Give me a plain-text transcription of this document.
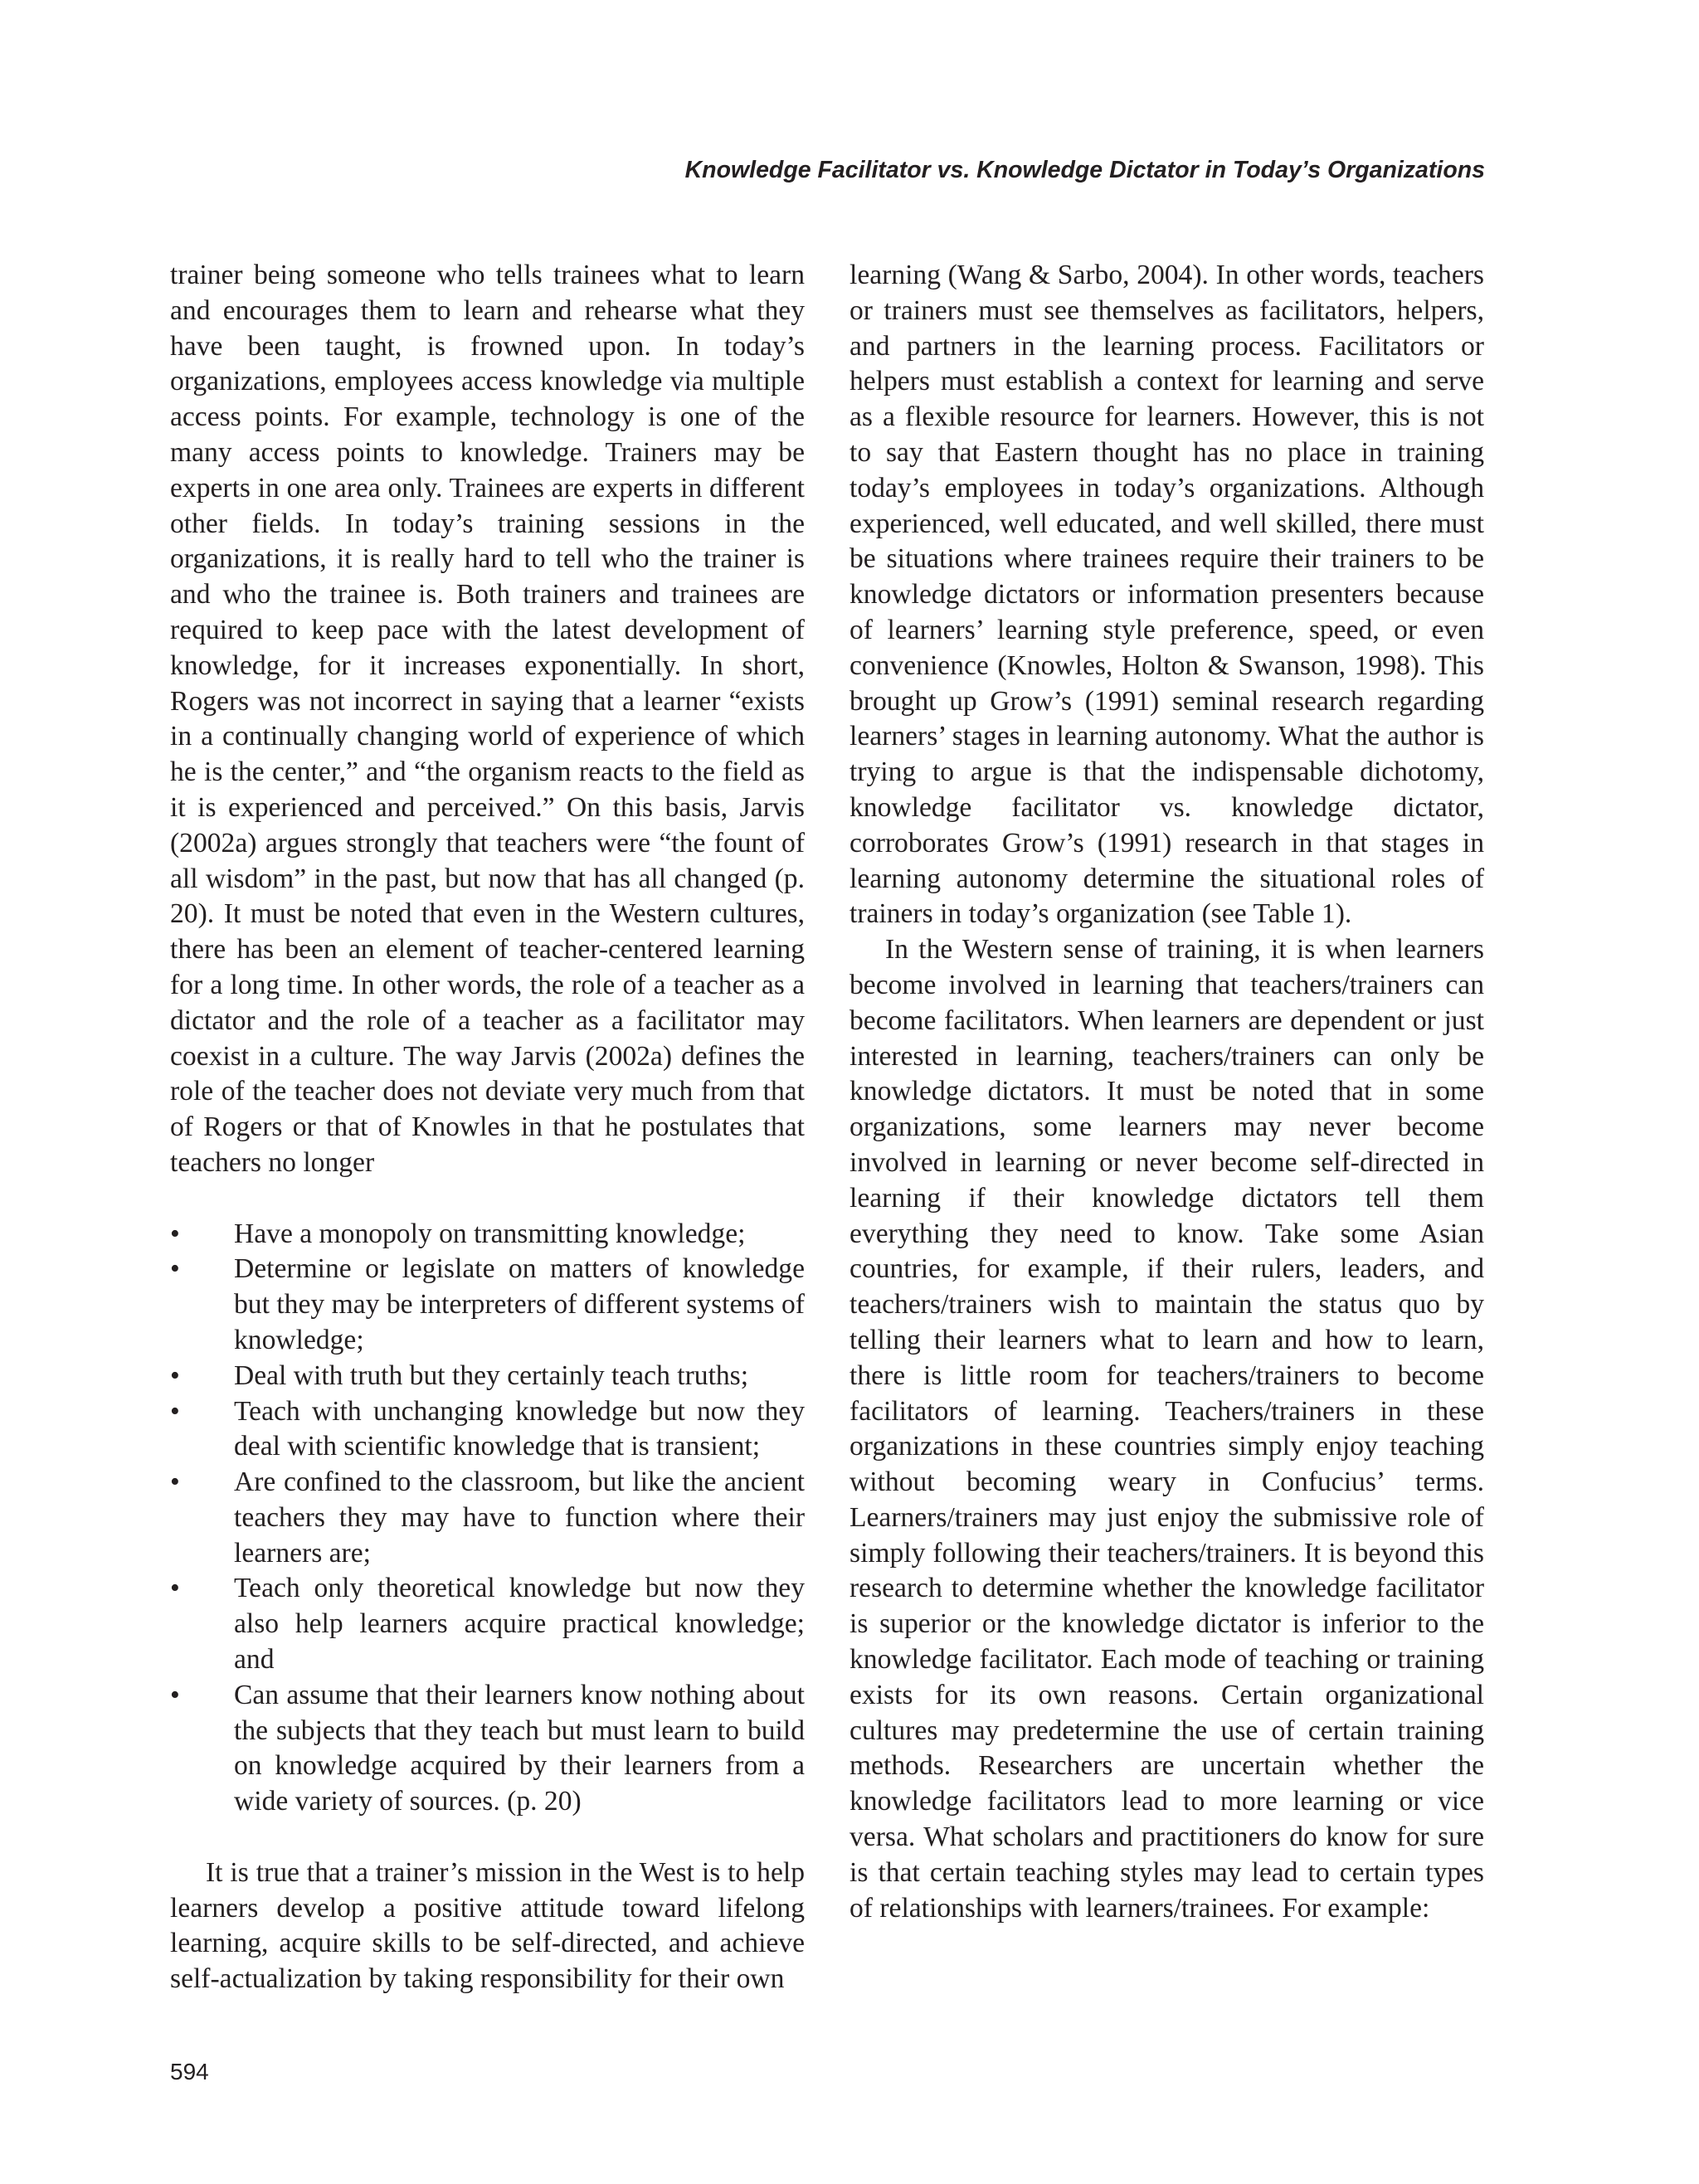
Knowledge Facilitator vs. Knowledge Dictator in Today’s Organizations

trainer being someone who tells trainees what to learn and encourages them to learn and rehearse what they have been taught, is frowned upon. In today’s organizations, employees access knowledge via multiple access points. For example, technology is one of the many access points to knowledge. Trainers may be experts in one area only. Trainees are experts in different other fields. In today’s training sessions in the organizations, it is really hard to tell who the trainer is and who the trainee is. Both trainers and trainees are required to keep pace with the latest development of knowledge, for it increases exponentially. In short, Rogers was not incorrect in saying that a learner “exists in a continually changing world of experience of which he is the center,” and “the organism reacts to the field as it is experienced and perceived.” On this basis, Jarvis (2002a) argues strongly that teachers were “the fount of all wisdom” in the past, but now that has all changed (p. 20). It must be noted that even in the Western cultures, there has been an element of teacher-centered learning for a long time. In other words, the role of a teacher as a dictator and the role of a teacher as a facilitator may coexist in a culture. The way Jarvis (2002a) defines the role of the teacher does not deviate very much from that of Rogers or that of Knowles in that he postulates that teachers no longer

•	Have a monopoly on transmitting knowledge;
•	Determine or legislate on matters of knowledge but they may be interpreters of different systems of knowledge;
•	Deal with truth but they certainly teach truths;
•	Teach with unchanging knowledge but now they deal with scientific knowledge that is transient;
•	Are confined to the classroom, but like the ancient teachers they may have to function where their learners are;
•	Teach only theoretical knowledge but now they also help learners acquire practical knowledge; and
•	Can assume that their learners know nothing about the subjects that they teach but must learn to build on knowledge acquired by their learners from a wide variety of sources. (p. 20)

It is true that a trainer’s mission in the West is to help learners develop a positive attitude toward lifelong learning, acquire skills to be self-directed, and achieve self-actualization by taking responsibility for their own

learning (Wang & Sarbo, 2004). In other words, teachers or trainers must see themselves as facilitators, helpers, and partners in the learning process. Facilitators or helpers must establish a context for learning and serve as a flexible resource for learners. However, this is not to say that Eastern thought has no place in training today’s employees in today’s organizations. Although experienced, well educated, and well skilled, there must be situations where trainees require their trainers to be knowledge dictators or information presenters because of learners’ learning style preference, speed, or even convenience (Knowles, Holton & Swanson, 1998). This brought up Grow’s (1991) seminal research regarding learners’ stages in learning autonomy. What the author is trying to argue is that the indispensable dichotomy, knowledge facilitator vs. knowledge dictator, corroborates Grow’s (1991) research in that stages in learning autonomy determine the situational roles of trainers in today’s organization (see Table 1).

In the Western sense of training, it is when learners become involved in learning that teachers/trainers can become facilitators. When learners are dependent or just interested in learning, teachers/trainers can only be knowledge dictators. It must be noted that in some organizations, some learners may never become involved in learning or never become self-directed in learning if their knowledge dictators tell them everything they need to know. Take some Asian countries, for example, if their rulers, leaders, and teachers/trainers wish to maintain the status quo by telling their learners what to learn and how to learn, there is little room for teachers/trainers to become facilitators of learning. Teachers/trainers in these organizations in these countries simply enjoy teaching without becoming weary in Confucius’ terms. Learners/trainers may just enjoy the submissive role of simply following their teachers/trainers. It is beyond this research to determine whether the knowledge facilitator is superior or the knowledge dictator is inferior to the knowledge facilitator. Each mode of teaching or training exists for its own reasons. Certain organizational cultures may predetermine the use of certain training methods. Researchers are uncertain whether the knowledge facilitators lead to more learning or vice versa. What scholars and practitioners do know for sure is that certain teaching styles may lead to certain types of relationships with learners/trainees. For example:

594
